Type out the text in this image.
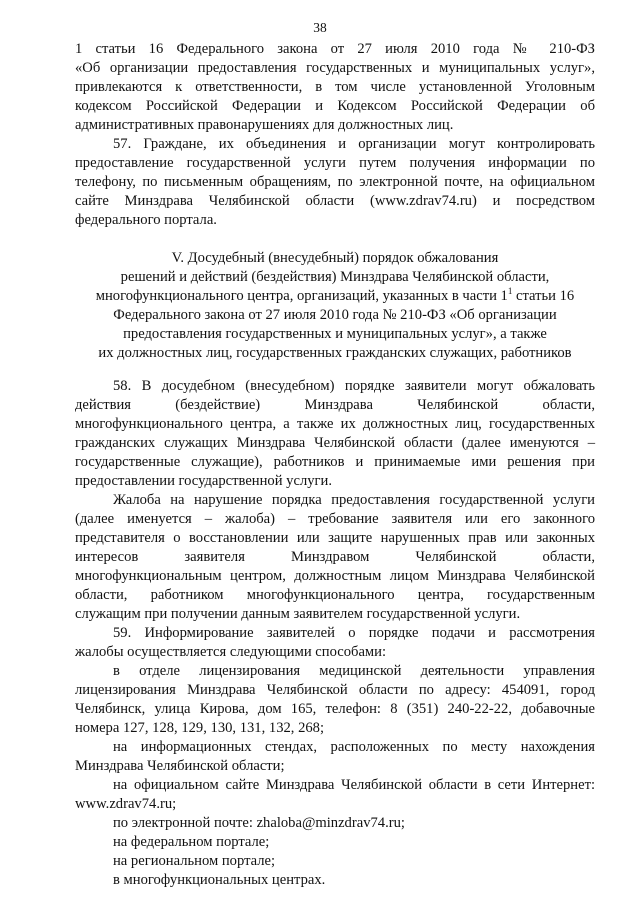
38
1 статьи 16 Федерального закона от 27 июля 2010 года № 210-ФЗ
«Об организации предоставления государственных и муниципальных услуг»,
привлекаются к ответственности, в том числе установленной Уголовным
кодексом Российской Федерации и Кодексом Российской Федерации об
административных правонарушениях для должностных лиц.
57. Граждане, их объединения и организации могут контролировать
предоставление государственной услуги путем получения информации по
телефону, по письменным обращениям, по электронной почте, на официальном
сайте Минздрава Челябинской области (www.zdrav74.ru) и посредством
федерального портала.
V. Досудебный (внесудебный) порядок обжалования
решений и действий (бездействия) Минздрава Челябинской области,
многофункционального центра, организаций, указанных в части $1^1$ статьи 16
Федерального закона от 27 июля 2010 года № 210-ФЗ «Об организации
предоставления государственных и муниципальных услуг», а также
их должностных лиц, государственных гражданских служащих, работников
58. В досудебном (внесудебном) порядке заявители могут обжаловать
действия (бездействие) Минздрава Челябинской области,
многофункционального центра, а также их должностных лиц, государственных
гражданских служащих Минздрава Челябинской области (далее именуются –
государственные служащие), работников и принимаемые ими решения при
предоставлении государственной услуги.
Жалоба на нарушение порядка предоставления государственной услуги
(далее именуется – жалоба) – требование заявителя или его законного
представителя о восстановлении или защите нарушенных прав или законных
интересов заявителя Минздравом Челябинской области,
многофункциональным центром, должностным лицом Минздрава Челябинской
области, работником многофункционального центра, государственным
служащим при получении данным заявителем государственной услуги.
59. Информирование заявителей о порядке подачи и рассмотрения
жалобы осуществляется следующими способами:
в отделе лицензирования медицинской деятельности управления
лицензирования Минздрава Челябинской области по адресу: 454091, город
Челябинск, улица Кирова, дом 165, телефон: 8 (351) 240-22-22, добавочные
номера 127, 128, 129, 130, 131, 132, 268;
на информационных стендах, расположенных по месту нахождения
Минздрава Челябинской области;
на официальном сайте Минздрава Челябинской области в сети Интернет:
www.zdrav74.ru;
по электронной почте: zhaloba@minzdrav74.ru;
на федеральном портале;
на региональном портале;
в многофункциональных центрах.
